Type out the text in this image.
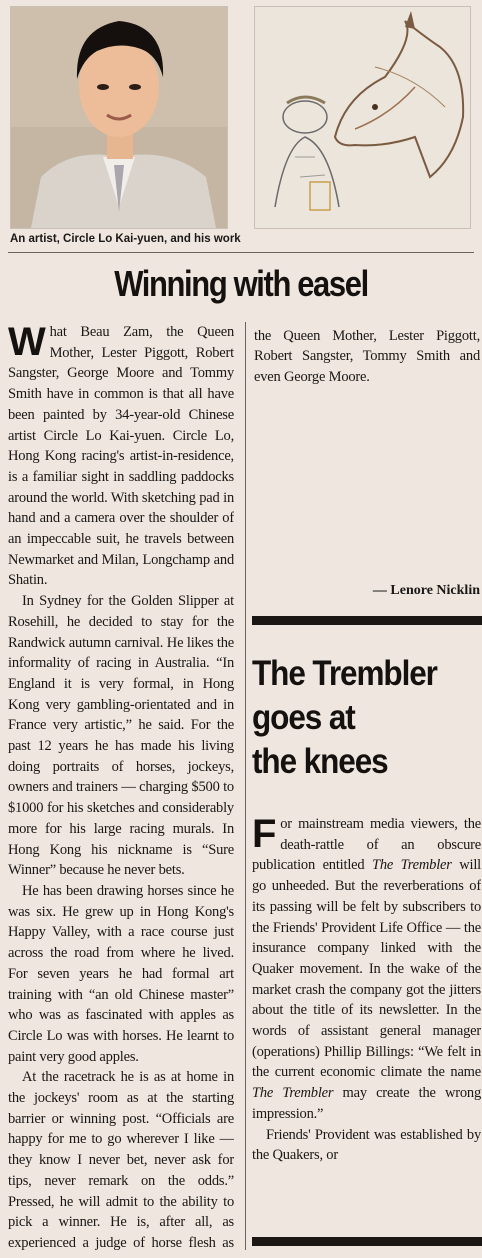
An artist, Circle Lo Kai-yuen, and his work
Winning with easel

What Beau Zam, the Queen Mother, Lester Piggott, Robert Sangster, George Moore and Tommy Smith have in common is that all have been painted by 34-year-old Chinese artist Circle Lo Kai-yuen. Circle Lo, Hong Kong racing's artist-in-residence, is a familiar sight in saddling paddocks around the world. With sketching pad in hand and a camera over the shoulder of an impeccable suit, he travels between Newmarket and Milan, Longchamp and Shatin.

In Sydney for the Golden Slipper at Rosehill, he decided to stay for the Randwick autumn carnival. He likes the informality of racing in Australia. “In England it is very formal, in Hong Kong very gambling-orientated and in France very artistic,” he said. For the past 12 years he has made his living doing portraits of horses, jockeys, owners and trainers — charging $500 to $1000 for his sketches and considerably more for his large racing murals. In Hong Kong his nickname is “Sure Winner” because he never bets.

He has been drawing horses since he was six. He grew up in Hong Kong's Happy Valley, with a race course just across the road from where he lived. For seven years he had formal art training with “an old Chinese master” who was as fascinated with apples as Circle Lo was with horses. He learnt to paint very good apples.

At the racetrack he is as at home in the jockeys' room as at the starting barrier or winning post. “Officials are happy for me to go wherever I like — they know I never bet, never ask for tips, never remark on the odds.” Pressed, he will admit to the ability to pick a winner. He is, after all, as experienced a judge of horse flesh as

— Lenore Nicklin
The Trembler
goes at
the knees

For mainstream media viewers, the death-rattle of an obscure publication entitled The Trembler will go unheeded. But the reverberations of its passing will be felt by subscribers to the Friends' Provident Life Office — the insurance company linked with the Quaker movement. In the wake of the market crash the company got the jitters about the title of its newsletter. In the words of assistant general manager (operations) Phillip Billings: “We felt in the current economic climate the name The Trembler may create the wrong impression.”

Friends' Provident was established by the Quakers, or

the Queen Mother, Lester Piggott, Robert Sangster, Tommy Smith and even George Moore.
